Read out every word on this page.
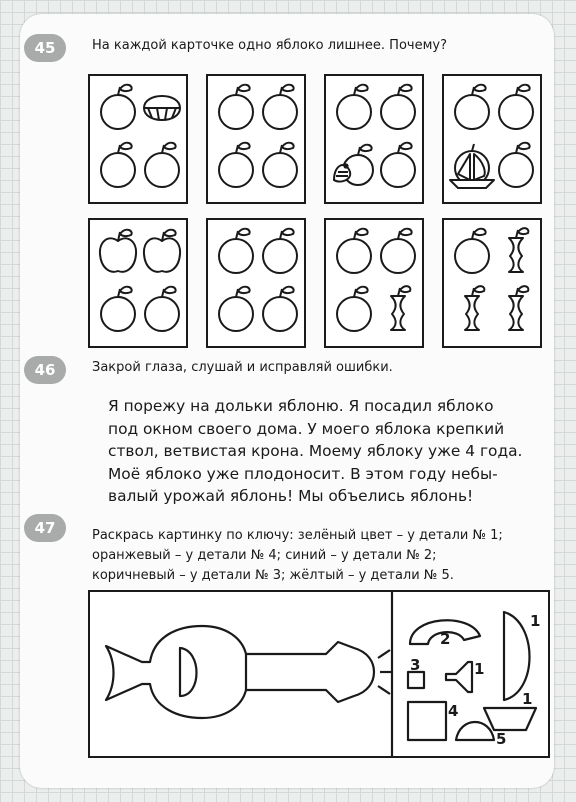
45	На каждой карточке одно яблоко лишнее. Почему?
46	Закрой глаза, слушай и исправляй ошибки.
Я порежу на дольки яблоню. Я посадил яблоко
под окном своего дома. У моего яблока крепкий
ствол, ветвистая крона. Моему яблоку уже 4 года.
Моё яблоко уже плодоносит. В этом году небы-
валый урожай яблонь! Мы объелись яблонь!
47	Раскрась картинку по ключу: зелёный цвет – у детали № 1;
оранжевый – у детали № 4; синий – у детали № 2;
коричневый – у детали № 3; жёлтый – у детали № 5.
2
1
3	1
4
1
5
